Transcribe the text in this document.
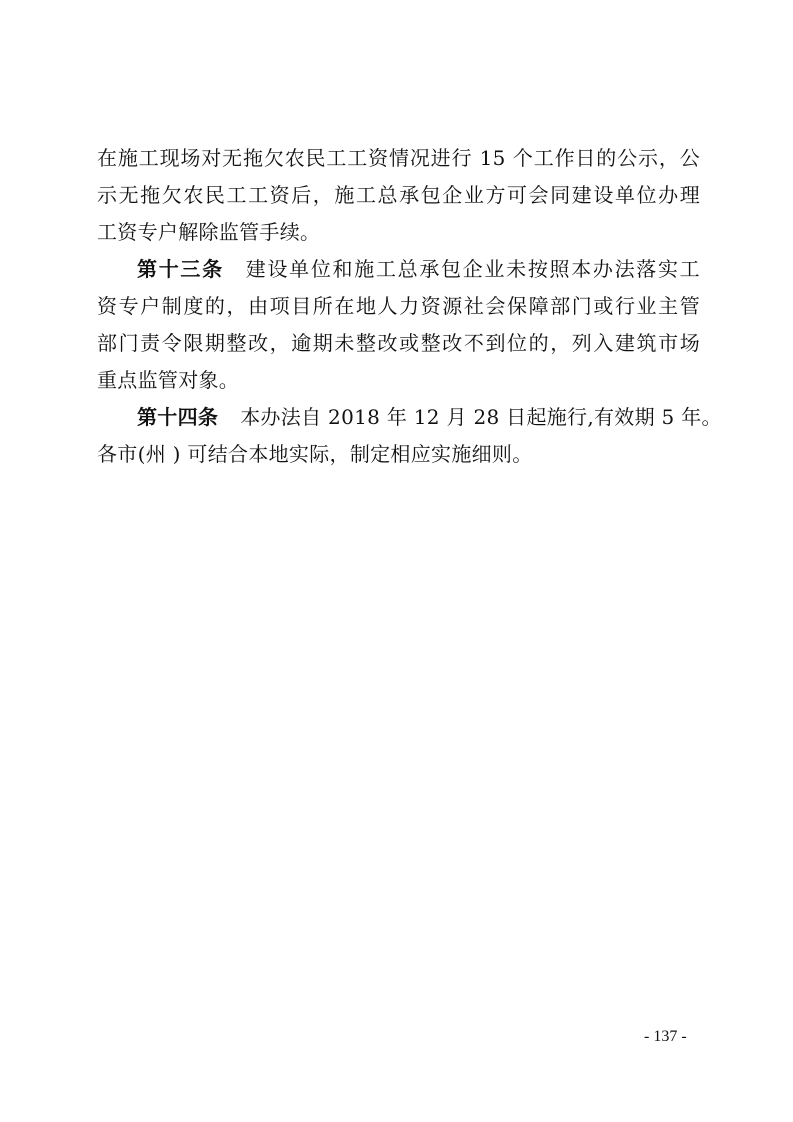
在施工现场对无拖欠农民工工资情况进行 15 个工作日的公示，公
示无拖欠农民工工资后，施工总承包企业方可会同建设单位办理
工资专户解除监管手续。
第十三条 建设单位和施工总承包企业未按照本办法落实工
资专户制度的，由项目所在地人力资源社会保障部门或行业主管
部门责令限期整改，逾期未整改或整改不到位的，列入建筑市场
重点监管对象。
第十四条 本办法自 2018 年 12 月 28 日起施行,有效期 5 年。
各市(州 ) 可结合本地实际，制定相应实施细则。
- 137 -
